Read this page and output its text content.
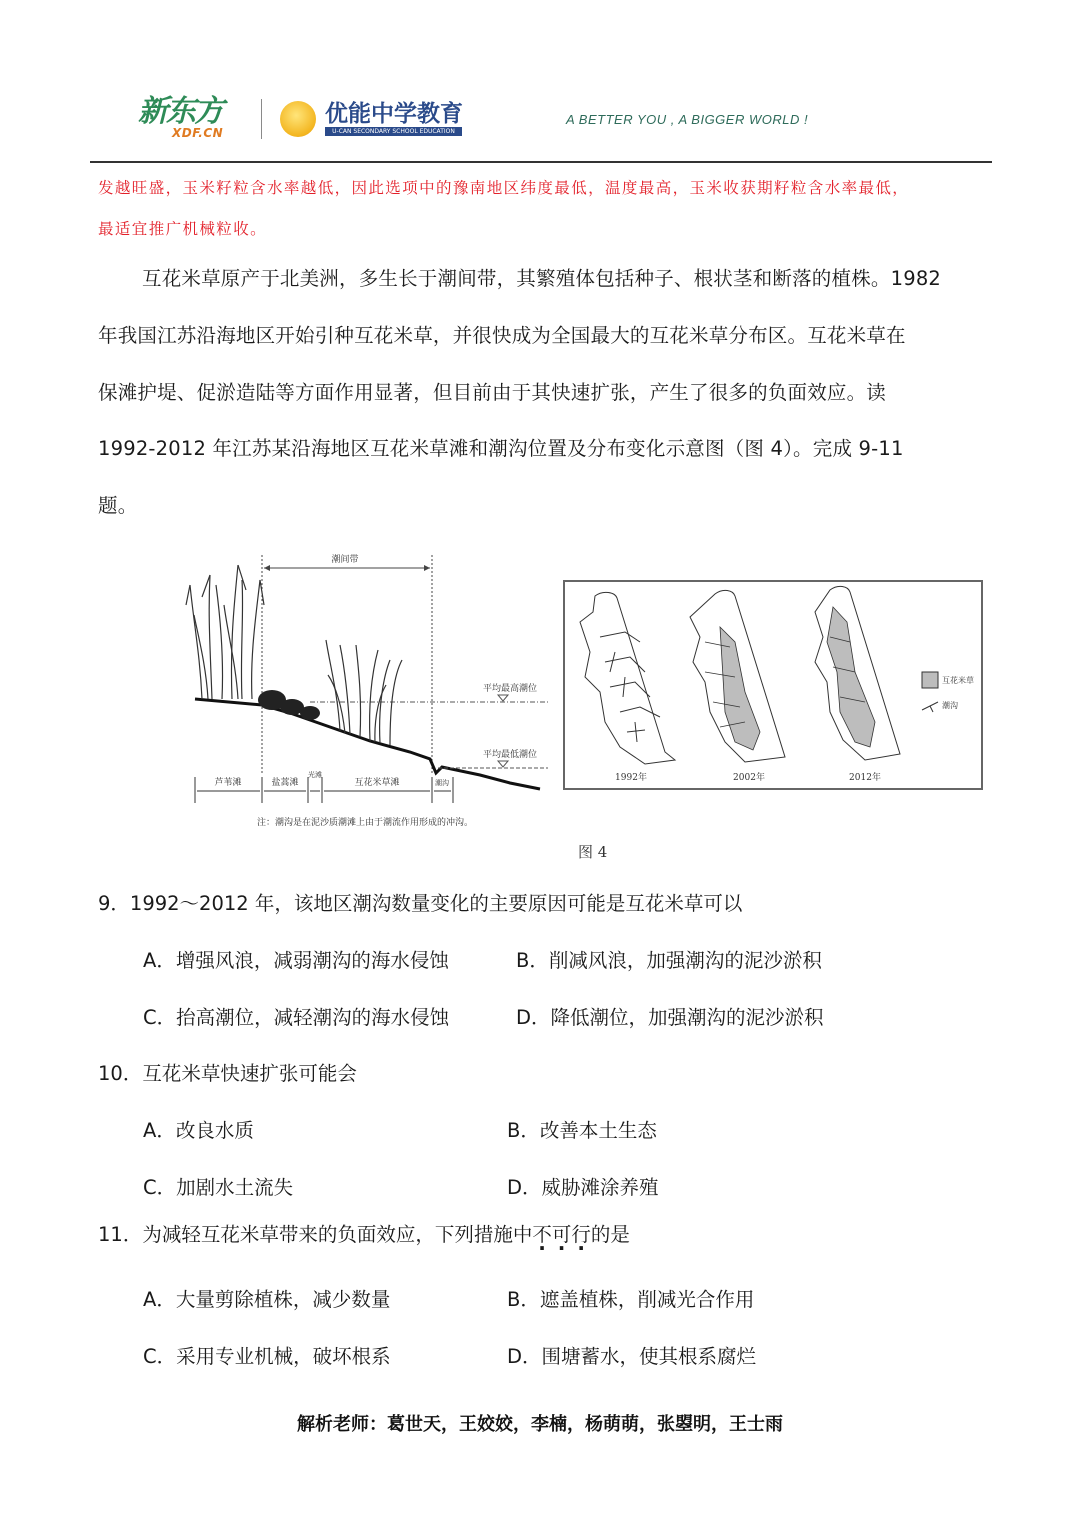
新东方
XDF.CN
优能中学教育
U-CAN SECONDARY SCHOOL EDUCATION
A BETTER YOU , A BIGGER WORLD !
发越旺盛，玉米籽粒含水率越低，因此选项中的豫南地区纬度最低，温度最高，玉米收获期籽粒含水率最低，
最适宜推广机械粒收。
互花米草原产于北美洲，多生长于潮间带，其繁殖体包括种子、根状茎和断落的植株。1982
年我国江苏沿海地区开始引种互花米草，并很快成为全国最大的互花米草分布区。互花米草在
保滩护堤、促淤造陆等方面作用显著，但目前由于其快速扩张，产生了很多的负面效应。读
1992-2012 年江苏某沿海地区互花米草滩和潮沟位置及分布变化示意图（图 4）。完成 9-11
题。
潮间带
平均最高潮位
平均最低潮位
芦苇滩	盐蒿滩
光滩
互花米草滩	潮沟
注：潮沟是在泥沙质潮滩上由于潮流作用形成的冲沟。
1992年	2002年	2012年
互花米草
潮沟
图 4
9．1992～2012 年，该地区潮沟数量变化的主要原因可能是互花米草可以
A．增强风浪，减弱潮沟的海水侵蚀	B．削减风浪，加强潮沟的泥沙淤积
C．抬高潮位，减轻潮沟的海水侵蚀	D．降低潮位，加强潮沟的泥沙淤积
10．互花米草快速扩张可能会
A．改良水质	B．改善本土生态
C．加剧水土流失	D．威胁滩涂养殖
11．为减轻互花米草带来的负面效应，下列措施中不可行的是
A．大量剪除植株，减少数量	B．遮盖植株，削减光合作用
C．采用专业机械，破坏根系	D．围塘蓄水，使其根系腐烂
解析老师：葛世天，王姣姣，李楠，杨萌萌，张曌明，王士雨
